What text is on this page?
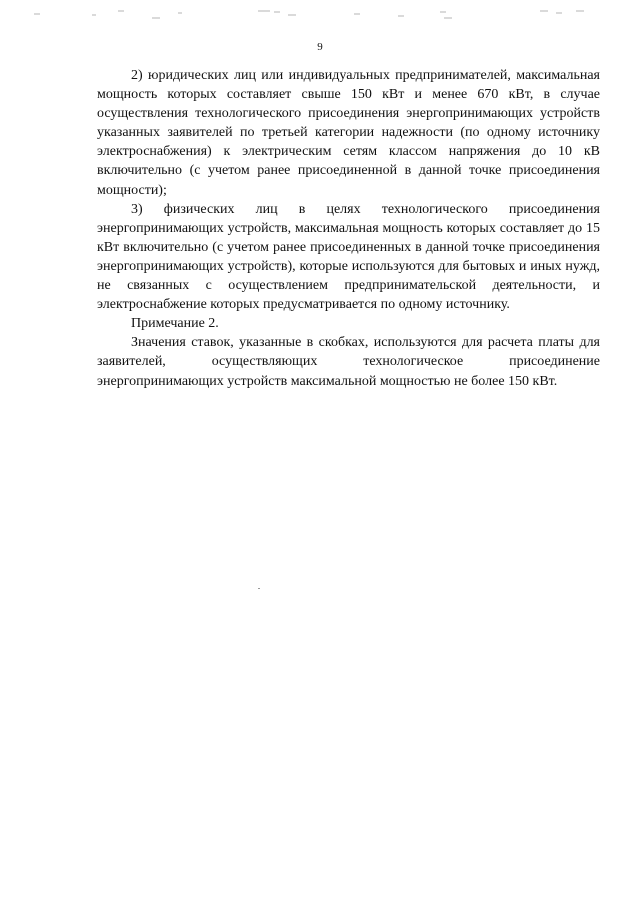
9

2) юридических лиц или индивидуальных предпринимателей, максимальная мощность которых составляет свыше 150 кВт и менее 670 кВт, в случае осуществления технологического присоединения энергопринимающих устройств указанных заявителей по третьей категории надежности (по одному источнику электроснабжения) к электрическим сетям классом напряжения до 10 кВ включительно (с учетом ранее присоединенной в данной точке присоединения мощности);

3) физических лиц в целях технологического присоединения энергопринимающих устройств, максимальная мощность которых составляет до 15 кВт включительно (с учетом ранее присоединенных в данной точке присоединения энергопринимающих устройств), которые используются для бытовых и иных нужд, не связанных с осуществлением предпринимательской деятельности, и электроснабжение которых предусматривается по одному источнику.

Примечание 2.

Значения ставок, указанные в скобках, используются для расчета платы для заявителей, осуществляющих технологическое присоединение энергопринимающих устройств максимальной мощностью не более 150 кВт.
